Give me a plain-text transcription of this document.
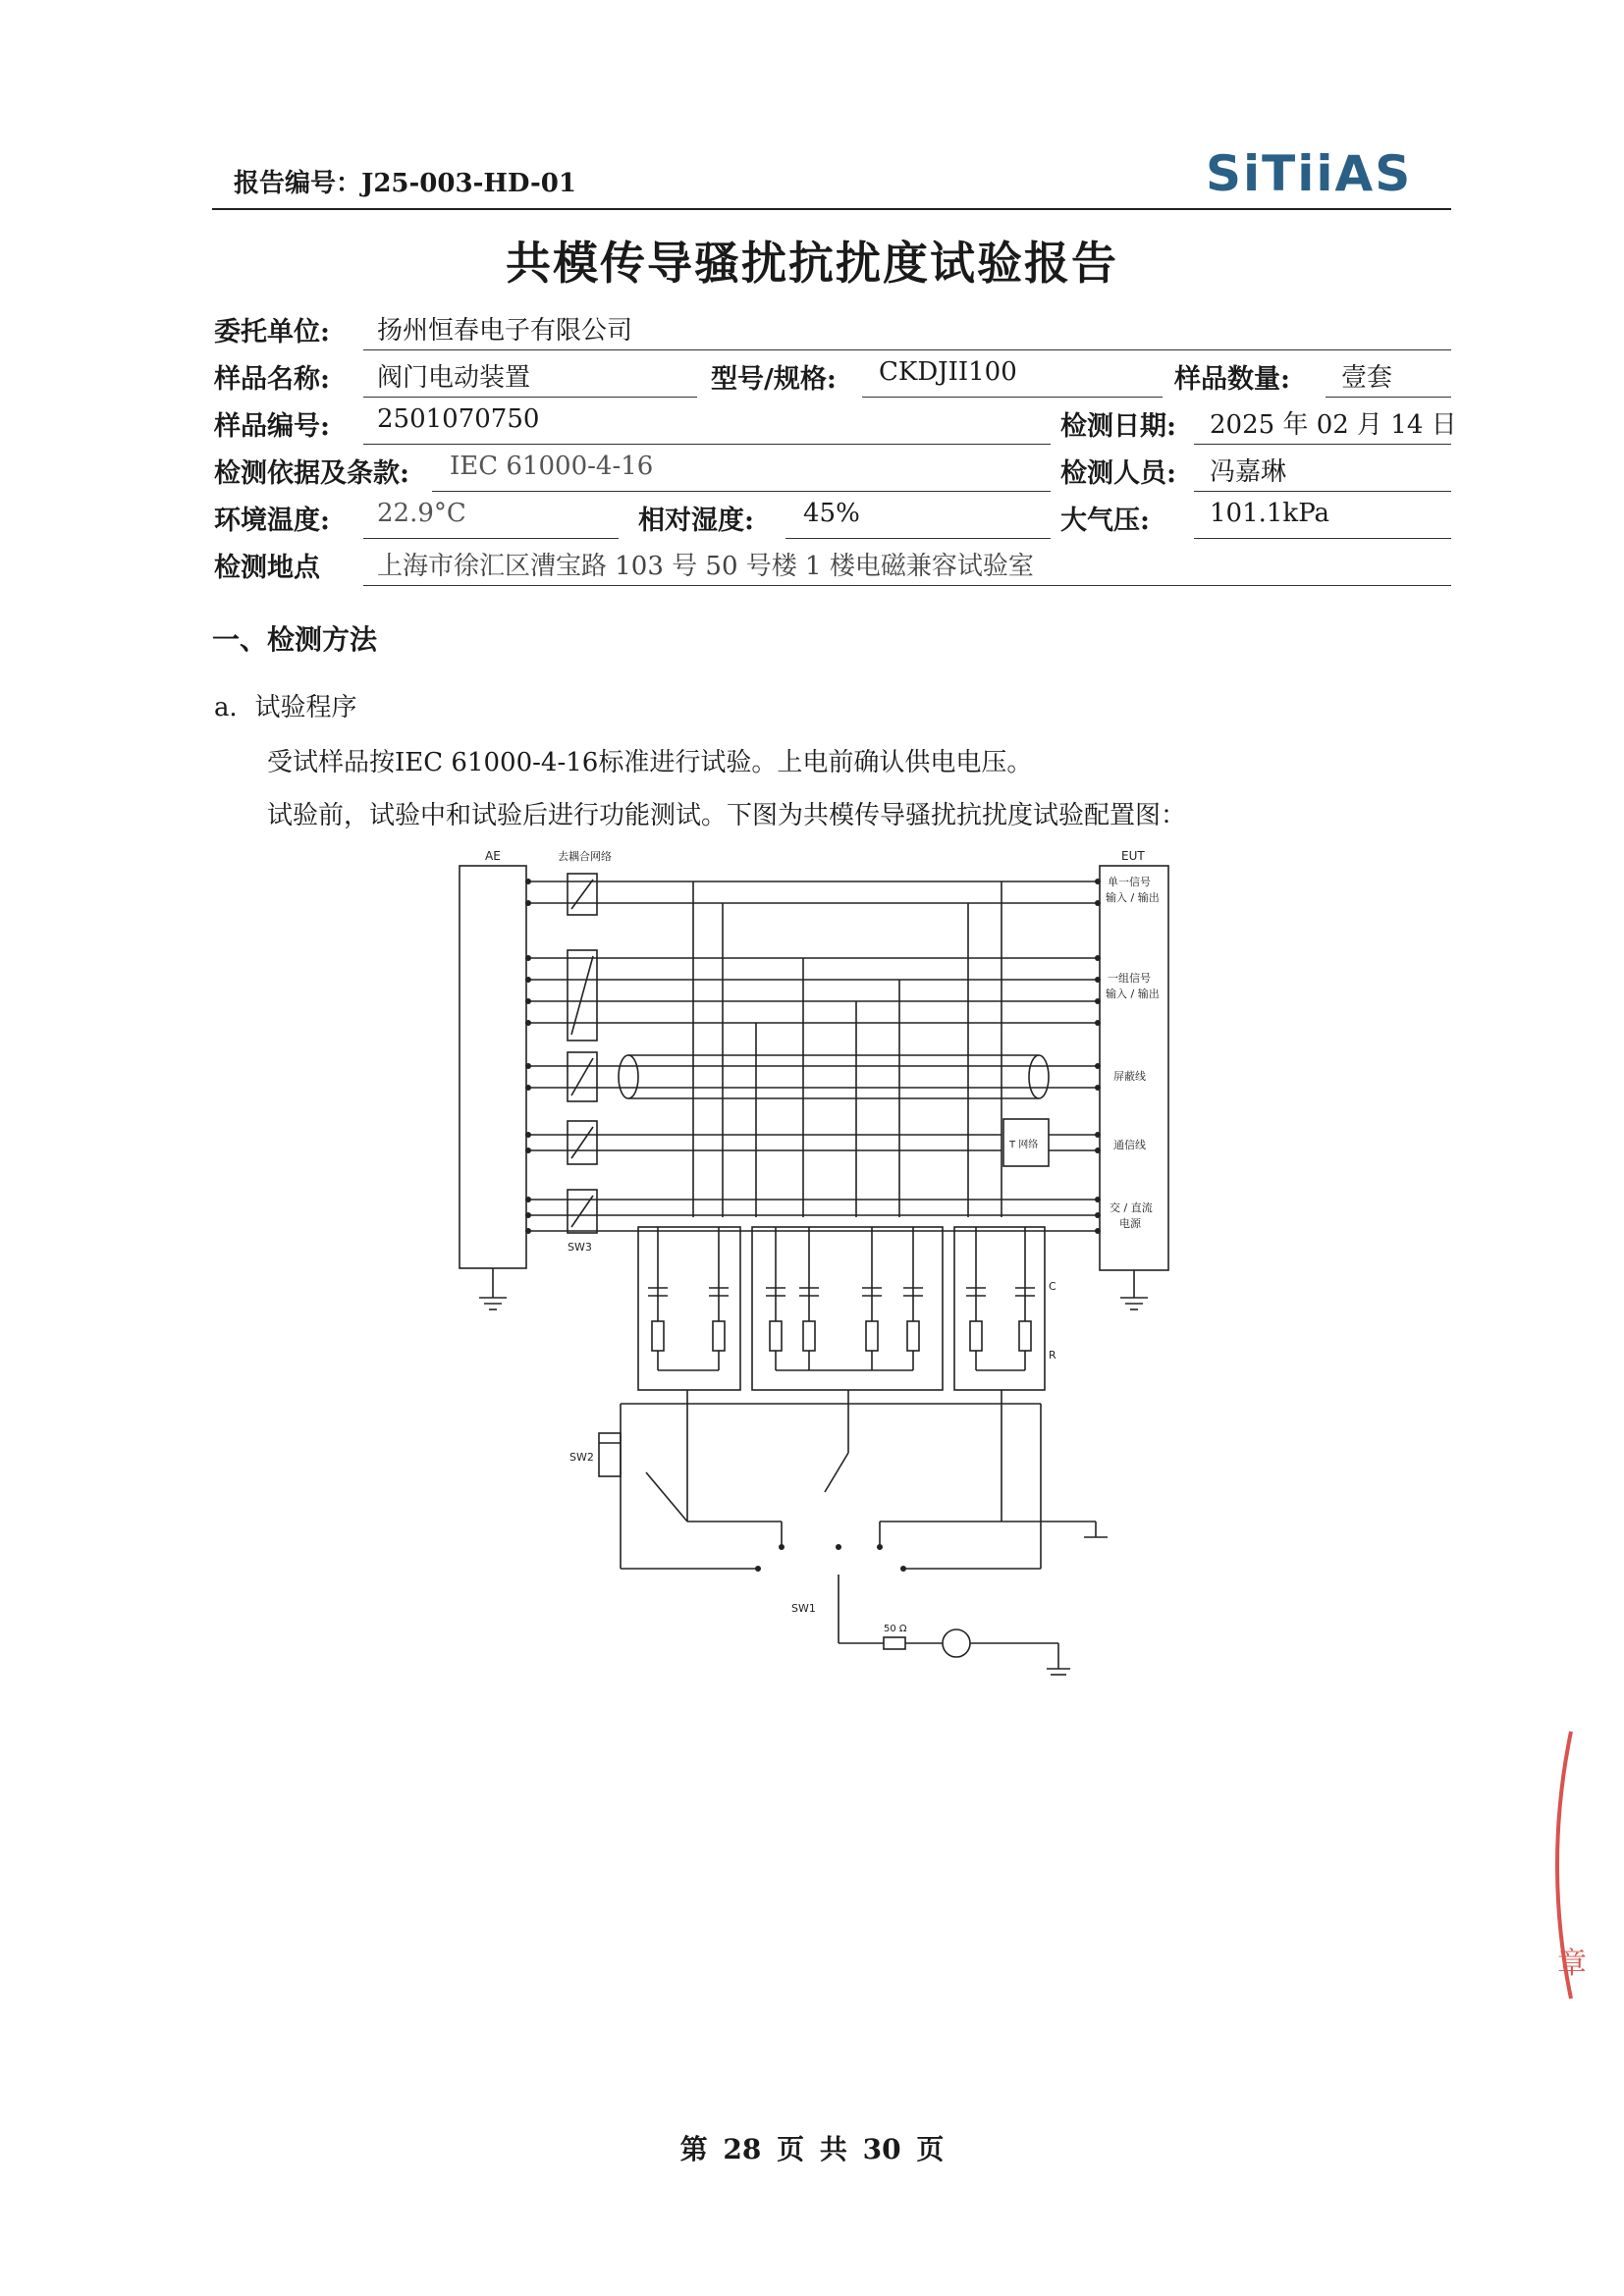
报告编号：J25-003-HD-01	SiTiiAS
共模传导骚扰抗扰度试验报告
委托单位: 扬州恒春电子有限公司
样品名称: 阀门电动装置	型号/规格: CKDJII100	样品数量: 壹套
样品编号: 2501070750	检测日期: 2025 年 02 月 14 日
检测依据及条款: IEC 61000-4-16	检测人员: 冯嘉琳
环境温度: 22.9°C	相对湿度: 45%	大气压: 101.1kPa
检测地点 上海市徐汇区漕宝路 103 号 50 号楼 1 楼电磁兼容试验室
一、检测方法
a．试验程序
受试样品按IEC 61000-4-16标准进行试验。上电前确认供电电压。
试验前，试验中和试验后进行功能测试。下图为共模传导骚扰抗扰度试验配置图：
AE	去耦合网络	EUT
单一信号
输入 / 输出
一组信号
输入 / 输出
屏蔽线
通信线
交 / 直流
电源
T 网络
SW3
SW2
SW1
C
R
50 Ω
章
第 28 页 共 30 页
